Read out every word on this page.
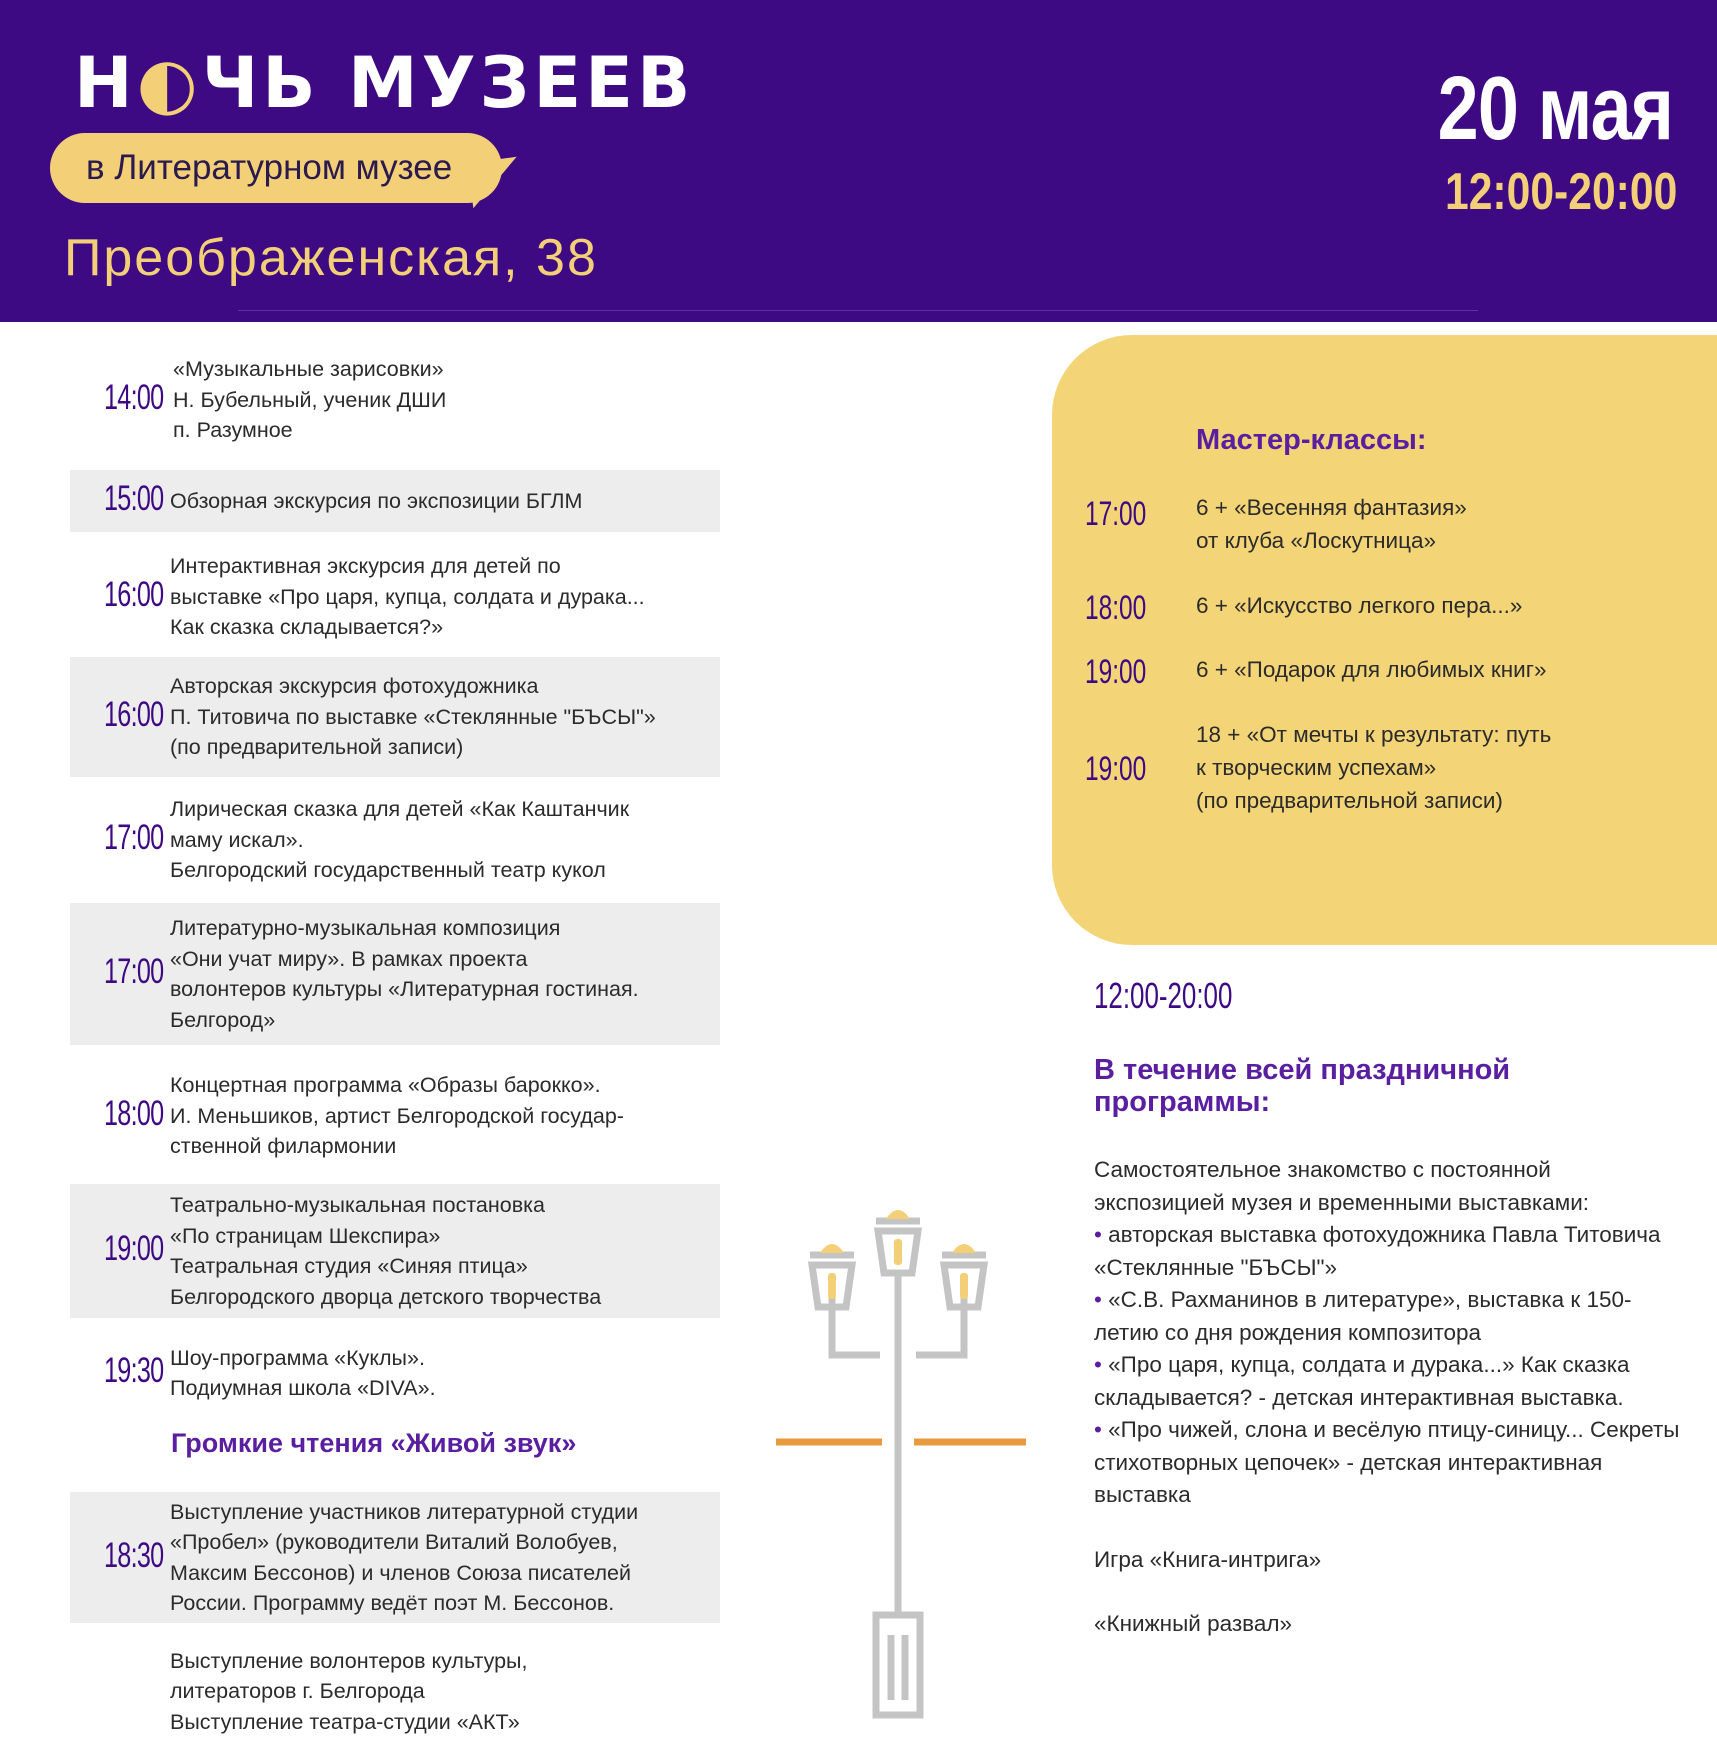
Н◐ЧЬ МУЗЕЕВ
в Литературном музее
Преображенская, 38
20 мая
12:00-20:00
Громкие чтения «Живой звук»
Мастер-классы:
12:00-20:00
В течение всей праздничной программы:

Самостоятельное знакомство с постоянной экспозицией музея и временными выставками:

• авторская выставка фотохудожника Павла Титовича «Стеклянные "БЪСЫ"»

• «С.В. Рахманинов в литературе», выставка к 150-летию со дня рождения композитора

• «Про царя, купца, солдата и дурака...» Как сказка складывается? - детская интерактивная выставка.

• «Про чижей, слона и весёлую птицу-синицу... Секреты стихотворных цепочек» - детская интерактивная выставка

Игра «Книга-интрига»

«Книжный развал»

14:00
«Музыкальные зарисовки»
Н. Бубельный, ученик ДШИ
п. Разумное
15:00 Обзорная экскурсия по экспозиции БГЛМ
16:00
Интерактивная экскурсия для детей по
выставке «Про царя, купца, солдата и дурака...
Как сказка складывается?»
16:00
Авторская экскурсия фотохудожника
П. Титовича по выставке «Стеклянные "БЪСЫ"»
(по предварительной записи)
17:00
Лирическая сказка для детей «Как Каштанчик
маму искал».
Белгородский государственный театр кукол
17:00
Литературно-музыкальная композиция
«Они учат миру». В рамках проекта
волонтеров культуры «Литературная гостиная.
Белгород»
18:00
Концертная программа «Образы барокко».
И. Меньшиков, артист Белгородской государ-
ственной филармонии
19:00
Театрально-музыкальная постановка
«По страницам Шекспира»
Театральная студия «Синяя птица»
Белгородского дворца детского творчества
19:30 Шоу-программа «Куклы».
Подиумная школа «DIVA».
18:30
Выступление участников литературной студии
«Пробел» (руководители Виталий Волобуев,
Максим Бессонов) и членов Союза писателей
России. Программу ведёт поэт М. Бессонов.
Выступление волонтеров культуры,
литераторов г. Белгорода
Выступление театра-студии «АКТ»
17:00 6 + «Весенняя фантазия»
от клуба «Лоскутница»
18:00 6 + «Искусство легкого пера...»
19:00 6 + «Подарок для любимых книг»
19:00
18 + «От мечты к результату: путь
к творческим успехам»
(по предварительной записи)
